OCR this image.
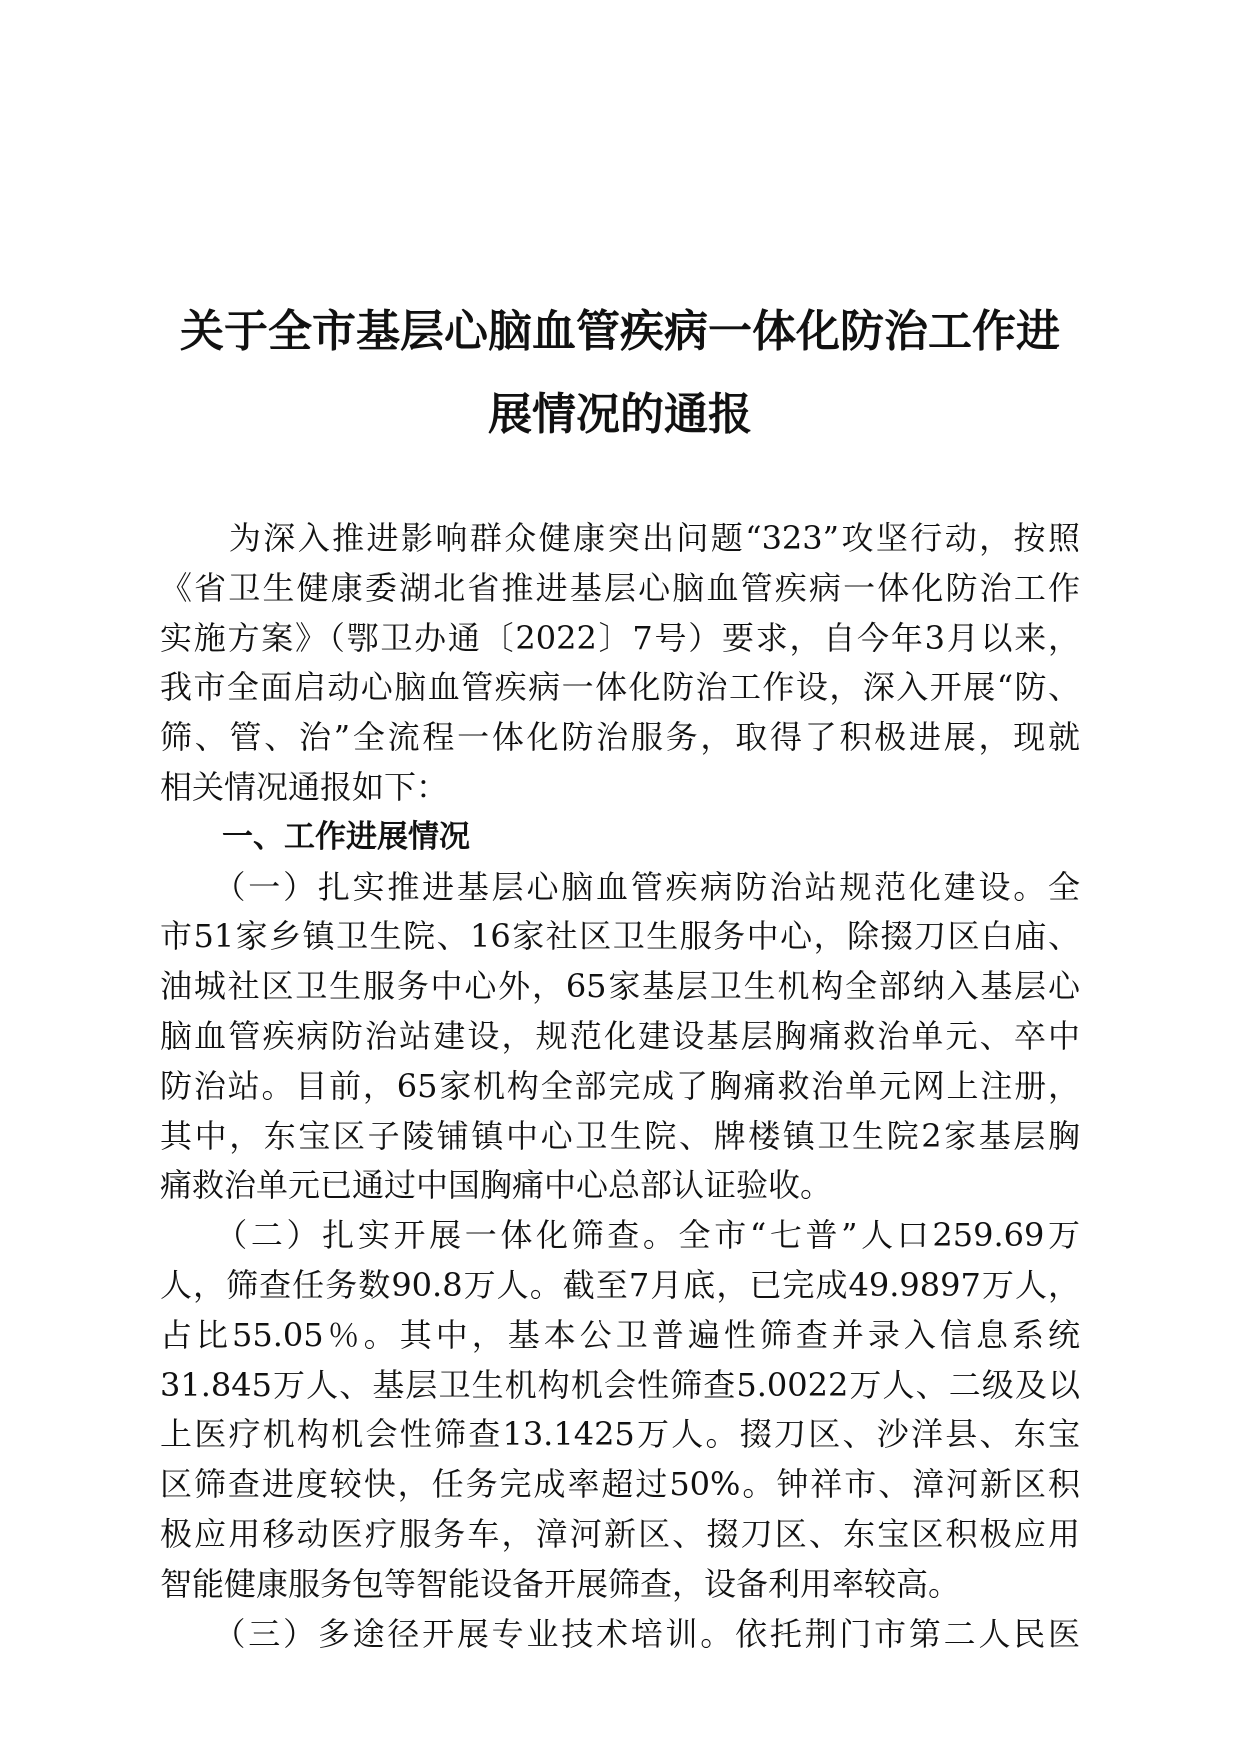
关于全市基层心脑血管疾病一体化防治工作进
展情况的通报
　　为深入推进影响群众健康突出问题“323”攻坚行动，按照
《省卫生健康委湖北省推进基层心脑血管疾病一体化防治工作
实施方案》（鄂卫办通〔2022〕7号）要求，自今年3月以来，
我市全面启动心脑血管疾病一体化防治工作设，深入开展“防、
筛、管、治”全流程一体化防治服务，取得了积极进展，现就
相关情况通报如下：
　　一、工作进展情况
　　（一）扎实推进基层心脑血管疾病防治站规范化建设。全
市51家乡镇卫生院、16家社区卫生服务中心，除掇刀区白庙、
油城社区卫生服务中心外，65家基层卫生机构全部纳入基层心
脑血管疾病防治站建设，规范化建设基层胸痛救治单元、卒中
防治站。目前，65家机构全部完成了胸痛救治单元网上注册，
其中，东宝区子陵铺镇中心卫生院、牌楼镇卫生院2家基层胸
痛救治单元已通过中国胸痛中心总部认证验收。
　　（二）扎实开展一体化筛查。全市“七普”人口259.69万
人，筛查任务数90.8万人。截至7月底，已完成49.9897万人，
占比55.05％。其中，基本公卫普遍性筛查并录入信息系统
31.845万人、基层卫生机构机会性筛查5.0022万人、二级及以
上医疗机构机会性筛查13.1425万人。掇刀区、沙洋县、东宝
区筛查进度较快，任务完成率超过50%。钟祥市、漳河新区积
极应用移动医疗服务车，漳河新区、掇刀区、东宝区积极应用
智能健康服务包等智能设备开展筛查，设备利用率较高。
　　（三）多途径开展专业技术培训。依托荆门市第二人民医
